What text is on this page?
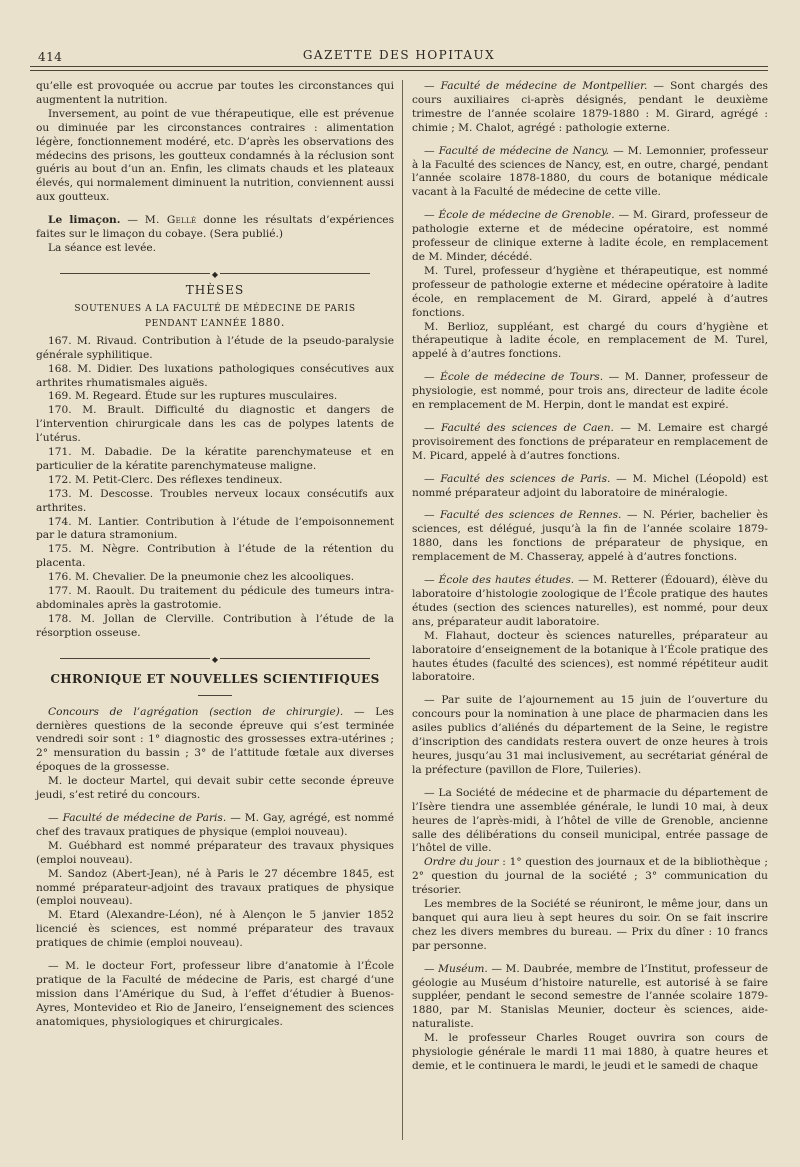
414	GAZETTE DES HOPITAUX

qu’elle est provoquée ou accrue par toutes les circonstances qui augmentent la nutrition.

Inversement, au point de vue thérapeutique, elle est prévenue ou diminuée par les circonstances contraires : alimentation légère, fonctionnement modéré, etc. D’après les observations des médecins des prisons, les goutteux condamnés à la réclusion sont guéris au bout d’un an. Enfin, les climats chauds et les plateaux élevés, qui normalement diminuent la nutrition, conviennent aussi aux goutteux.

Le limaçon. — M. Gellé donne les résultats d’expériences faites sur le limaçon du cobaye. (Sera publié.)

La séance est levée.

◆
THÈSES
SOUTENUES A LA FACULTÉ DE MÉDECINE DE PARIS
PENDANT L’ANNÉE 1880.

167. M. Rivaud. Contribution à l’étude de la pseudo-paralysie générale syphilitique.

168. M. Didier. Des luxations pathologiques consécutives aux arthrites rhumatismales aiguës.

169. M. Regeard. Étude sur les ruptures musculaires.

170. M. Brault. Difficulté du diagnostic et dangers de l’intervention chirurgicale dans les cas de polypes latents de l’utérus.

171. M. Dabadie. De la kératite parenchymateuse et en particulier de la kératite parenchymateuse maligne.

172. M. Petit-Clerc. Des réflexes tendineux.

173. M. Descosse. Troubles nerveux locaux consécutifs aux arthrites.

174. M. Lantier. Contribution à l’étude de l’empoisonnement par le datura stramonium.

175. M. Nègre. Contribution à l’étude de la rétention du placenta.

176. M. Chevalier. De la pneumonie chez les alcooliques.

177. M. Raoult. Du traitement du pédicule des tumeurs intra-abdominales après la gastrotomie.

178. M. Jollan de Clerville. Contribution à l’étude de la résorption osseuse.

◆
CHRONIQUE ET NOUVELLES SCIENTIFIQUES

Concours de l’agrégation (section de chirurgie). — Les dernières questions de la seconde épreuve qui s’est terminée vendredi soir sont : 1° diagnostic des grossesses extra-utérines ; 2° mensuration du bassin ; 3° de l’attitude fœtale aux diverses époques de la grossesse.

M. le docteur Martel, qui devait subir cette seconde épreuve jeudi, s’est retiré du concours.

— Faculté de médecine de Paris. — M. Gay, agrégé, est nommé chef des travaux pratiques de physique (emploi nouveau).

M. Guébhard est nommé préparateur des travaux physiques (emploi nouveau).

M. Sandoz (Abert-Jean), né à Paris le 27 décembre 1845, est nommé préparateur-adjoint des travaux pratiques de physique (emploi nouveau).

M. Etard (Alexandre-Léon), né à Alençon le 5 janvier 1852 licencié ès sciences, est nommé préparateur des travaux pratiques de chimie (emploi nouveau).

— M. le docteur Fort, professeur libre d’anatomie à l’École pratique de la Faculté de médecine de Paris, est chargé d’une mission dans l’Amérique du Sud, à l’effet d’étudier à Buenos-Ayres, Montevideo et Rio de Janeiro, l’enseignement des sciences anatomiques, physiologiques et chirurgicales.

— Faculté de médecine de Montpellier. — Sont chargés des cours auxiliaires ci-après désignés, pendant le deuxième trimestre de l’année scolaire 1879-1880 : M. Girard, agrégé : chimie ; M. Chalot, agrégé : pathologie externe.

— Faculté de médecine de Nancy. — M. Lemonnier, professeur à la Faculté des sciences de Nancy, est, en outre, chargé, pendant l’année scolaire 1878-1880, du cours de botanique médicale vacant à la Faculté de médecine de cette ville.

— École de médecine de Grenoble. — M. Girard, professeur de pathologie externe et de médecine opératoire, est nommé professeur de clinique externe à ladite école, en remplacement de M. Minder, décédé.

M. Turel, professeur d’hygiène et thérapeutique, est nommé professeur de pathologie externe et médecine opératoire à ladite école, en remplacement de M. Girard, appelé à d’autres fonctions.

M. Berlioz, suppléant, est chargé du cours d’hygiène et thérapeutique à ladite école, en remplacement de M. Turel, appelé à d’autres fonctions.

— École de médecine de Tours. — M. Danner, professeur de physiologie, est nommé, pour trois ans, directeur de ladite école en remplacement de M. Herpin, dont le mandat est expiré.

— Faculté des sciences de Caen. — M. Lemaire est chargé provisoirement des fonctions de préparateur en remplacement de M. Picard, appelé à d’autres fonctions.

— Faculté des sciences de Paris. — M. Michel (Léopold) est nommé préparateur adjoint du laboratoire de minéralogie.

— Faculté des sciences de Rennes. — N. Périer, bachelier ès sciences, est délégué, jusqu’à la fin de l’année scolaire 1879-1880, dans les fonctions de préparateur de physique, en remplacement de M. Chasseray, appelé à d’autres fonctions.

— École des hautes études. — M. Retterer (Édouard), élève du laboratoire d’histologie zoologique de l’École pratique des hautes études (section des sciences naturelles), est nommé, pour deux ans, préparateur audit laboratoire.

M. Flahaut, docteur ès sciences naturelles, préparateur au laboratoire d’enseignement de la botanique à l’École pratique des hautes études (faculté des sciences), est nommé répétiteur audit laboratoire.

— Par suite de l’ajournement au 15 juin de l’ouverture du concours pour la nomination à une place de pharmacien dans les asiles publics d’aliénés du département de la Seine, le registre d’inscription des candidats restera ouvert de onze heures à trois heures, jusqu’au 31 mai inclusivement, au secrétariat général de la préfecture (pavillon de Flore, Tuileries).

— La Société de médecine et de pharmacie du département de l’Isère tiendra une assemblée générale, le lundi 10 mai, à deux heures de l’après-midi, à l’hôtel de ville de Grenoble, ancienne salle des délibérations du conseil municipal, entrée passage de l’hôtel de ville.

Ordre du jour : 1° question des journaux et de la bibliothèque ; 2° question du journal de la société ; 3° communication du trésorier.

Les membres de la Société se réuniront, le même jour, dans un banquet qui aura lieu à sept heures du soir. On se fait inscrire chez les divers membres du bureau. — Prix du dîner : 10 francs par personne.

— Muséum. — M. Daubrée, membre de l’Institut, professeur de géologie au Muséum d’histoire naturelle, est autorisé à se faire suppléer, pendant le second semestre de l’année scolaire 1879-1880, par M. Stanislas Meunier, docteur ès sciences, aide-naturaliste.

M. le professeur Charles Rouget ouvrira son cours de physiologie générale le mardi 11 mai 1880, à quatre heures et demie, et le continuera le mardi, le jeudi et le samedi de chaque
